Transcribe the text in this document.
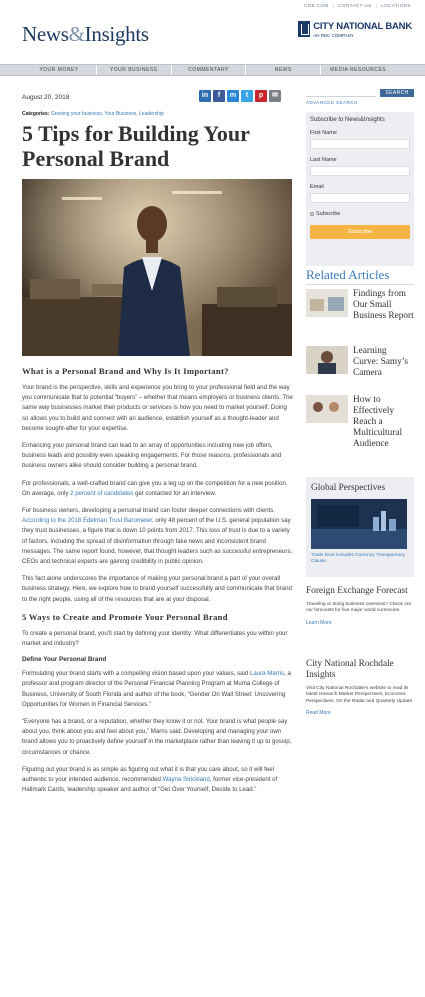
CNB.COM | CONTACT US | LOCATIONS
News&Insights	CITY NATIONAL BANK
AN RBC COMPANY
YOUR MONEY	YOUR BUSINESS	COMMENTARY	NEWS	MEDIA RESOURCES
August 20, 2018	in	f	m	t	p	✉
Categories: Growing your business, Your Business, Leadership
5 Tips for Building Your Personal Brand
What is a Personal Brand and Why Is It Important?

Your brand is the perspective, skills and experience you bring to your professional field and the way you communicate that to potential “buyers” – whether that means employers or business clients. The same way businesses market their products or services is how you need to market yourself. Doing so allows you to build and connect with an audience, establish yourself as a thought-leader and become sought-after for your expertise.

Enhancing your personal brand can lead to an array of opportunities including new job offers, business leads and possibly even speaking engagements. For those reasons, professionals and business owners alike should consider building a personal brand.

For professionals, a well-crafted brand can give you a leg up on the competition for a new position. On average, only 2 percent of candidates get contacted for an interview.

For business owners, developing a personal brand can foster deeper connections with clients. According to the 2018 Edelman Trust Barometer, only 48 percent of the U.S. general population say they trust businesses, a figure that is down 10 points from 2017. This loss of trust is due to a variety of factors, including the spread of disinformation through fake news and inconsistent brand messages. The same report found, however, that thought leaders such as successful entrepreneurs, CEOs and technical experts are gaining credibility in public opinion.

This fact alone underscores the importance of making your personal brand a part of your overall business strategy. Here, we explore how to brand yourself successfully and communicate that brand to the right people, using all of the resources that are at your disposal.

5 Ways to Create and Promote Your Personal Brand

To create a personal brand, you’ll start by defining your identity: What differentiates you within your market and industry?

Define Your Personal Brand

Formulating your brand starts with a compelling vision based upon your values, said Laura Marris, a professor and program director of the Personal Financial Planning Program at Muma College of Business, University of South Florida and author of the book, “Gender On Wall Street: Uncovering Opportunities for Women in Financial Services.”

“Everyone has a brand, or a reputation, whether they know it or not. Your brand is what people say about you, think about you and feel about you,” Marris said. Developing and managing your own brand allows you to proactively define yourself in the marketplace rather than leaving it up to gossip, circumstances or chance.

Figuring out your brand is as simple as figuring out what it is that you care about, so it will feel authentic to your intended audience, recommended Wayne Strickland, former vice-president of Hallmark Cards, leadership speaker and author of “Get Over Yourself, Decide to Lead.”

SEARCH
ADVANCED SEARCH
Subscribe to News&Insights
First Name
Last Name
Email
Subscribe
Subscribe
Related Articles
Findings from Our Small Business Report
Learning Curve: Samy’s Camera
How to Effectively Reach a Multicultural Audience
Global Perspectives
Trade Deal Includes Currency Transparency Clause
Foreign Exchange Forecast
Traveling or doing business overseas? Check out our forecasts for five major world currencies.
Learn More
City National Rochdale Insights
Visit City National Rochdale's website to read its latest research Market Perspectives, Economic Perspectives, On the Radar and Quarterly Update.
Read More
